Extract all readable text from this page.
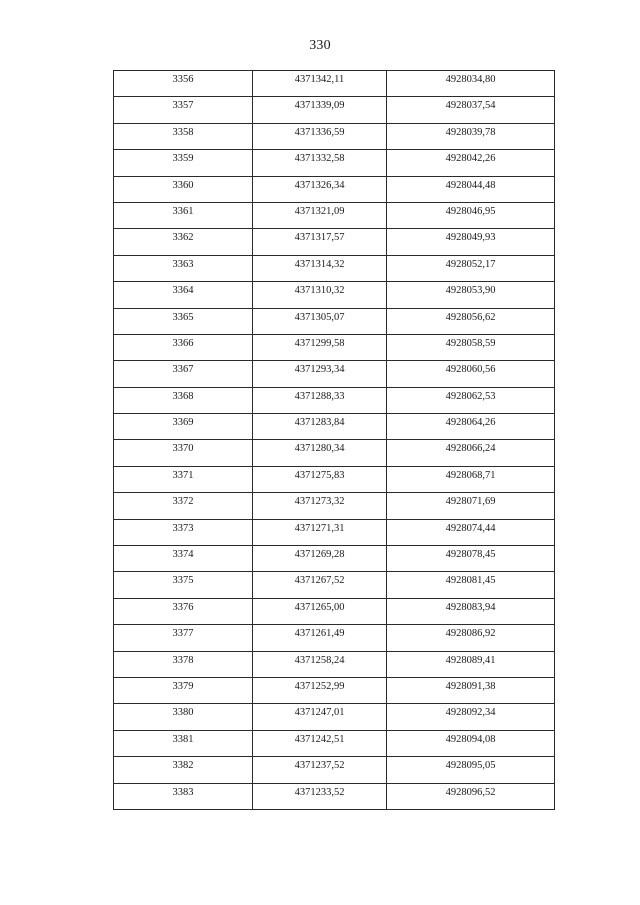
330
3356	4371342,11	4928034,80
3357	4371339,09	4928037,54
3358	4371336,59	4928039,78
3359	4371332,58	4928042,26
3360	4371326,34	4928044,48
3361	4371321,09	4928046,95
3362	4371317,57	4928049,93
3363	4371314,32	4928052,17
3364	4371310,32	4928053,90
3365	4371305,07	4928056,62
3366	4371299,58	4928058,59
3367	4371293,34	4928060,56
3368	4371288,33	4928062,53
3369	4371283,84	4928064,26
3370	4371280,34	4928066,24
3371	4371275,83	4928068,71
3372	4371273,32	4928071,69
3373	4371271,31	4928074,44
3374	4371269,28	4928078,45
3375	4371267,52	4928081,45
3376	4371265,00	4928083,94
3377	4371261,49	4928086,92
3378	4371258,24	4928089,41
3379	4371252,99	4928091,38
3380	4371247,01	4928092,34
3381	4371242,51	4928094,08
3382	4371237,52	4928095,05
3383	4371233,52	4928096,52
